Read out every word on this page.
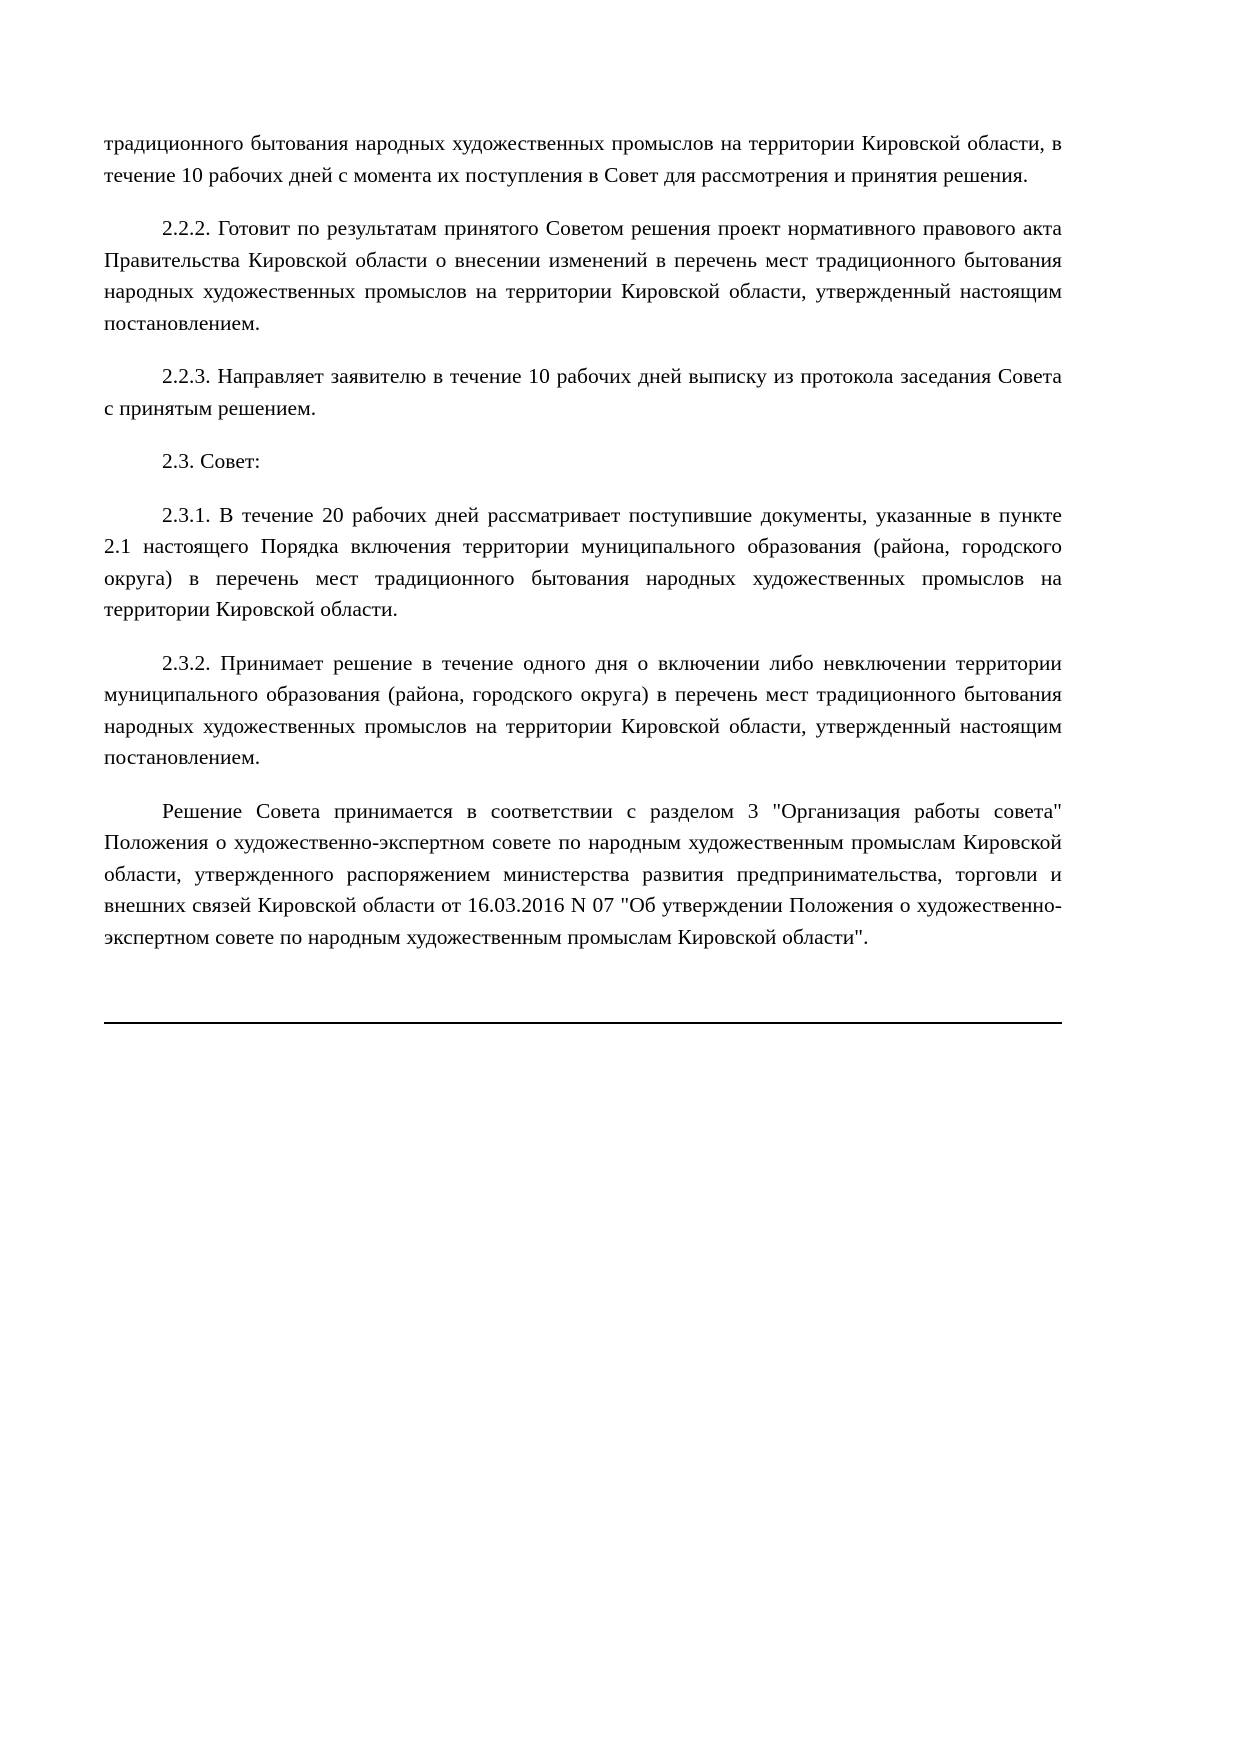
традиционного бытования народных художественных промыслов на территории Кировской области, в течение 10 рабочих дней с момента их поступления в Совет для рассмотрения и принятия решения.

2.2.2. Готовит по результатам принятого Советом решения проект нормативного правового акта Правительства Кировской области о внесении изменений в перечень мест традиционного бытования народных художественных промыслов на территории Кировской области, утвержденный настоящим постановлением.

2.2.3. Направляет заявителю в течение 10 рабочих дней выписку из протокола заседания Совета с принятым решением.

2.3. Совет:

2.3.1. В течение 20 рабочих дней рассматривает поступившие документы, указанные в пункте 2.1 настоящего Порядка включения территории муниципального образования (района, городского округа) в перечень мест традиционного бытования народных художественных промыслов на территории Кировской области.

2.3.2. Принимает решение в течение одного дня о включении либо невключении территории муниципального образования (района, городского округа) в перечень мест традиционного бытования народных художественных промыслов на территории Кировской области, утвержденный настоящим постановлением.

Решение Совета принимается в соответствии с разделом 3 "Организация работы совета" Положения о художественно-экспертном совете по народным художественным промыслам Кировской области, утвержденного распоряжением министерства развития предпринимательства, торговли и внешних связей Кировской области от 16.03.2016 N 07 "Об утверждении Положения о художественно-экспертном совете по народным художественным промыслам Кировской области".
